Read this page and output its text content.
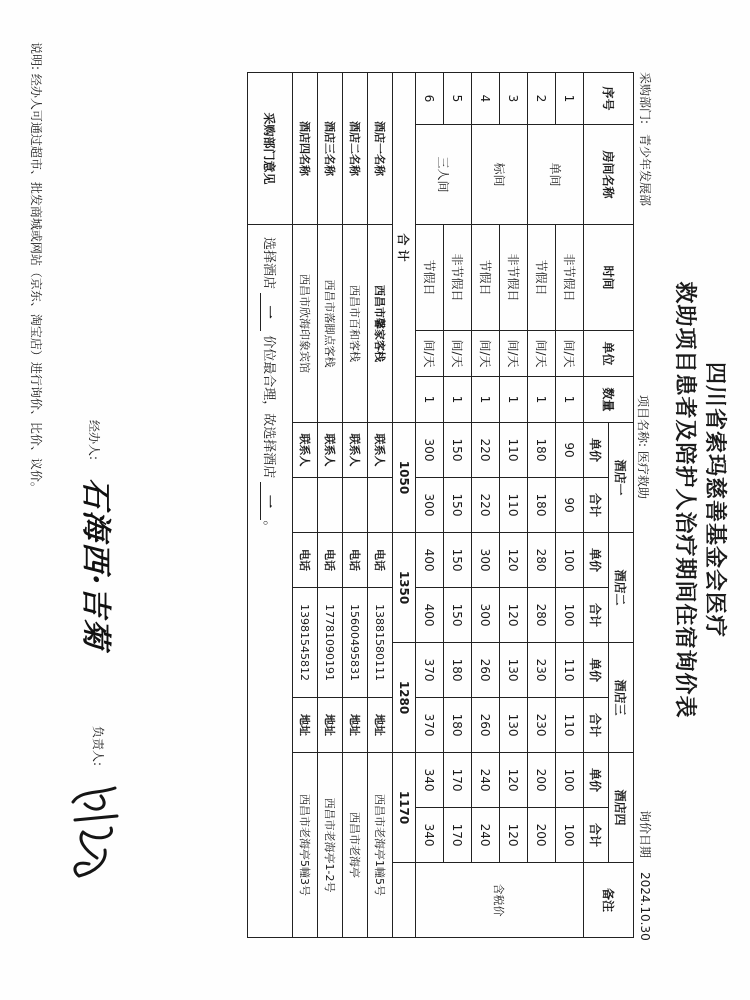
四川省索玛慈善基金会医疗
救助项目患者及陪护人治疗期间住宿询价表
采购部门:青少年发展部
项目名称: 医疗救助
询价日期2024.10.30
序号	房间名称	时间	单位	数量	酒店一		酒店二		酒店三		酒店四		备注
					单价	合计	单价	合计	单价	合计	单价	合计	
1	单间	非节假日	间/天	1	90	90	100	100	110	110	100	100	含税价
2		节假日	间/天	1	180	180	280	280	230	230	200	200	
3	标间	非节假日	间/天	1	110	110	120	120	130	130	120	120	
4		节假日	间/天	1	220	220	300	300	260	260	240	240	
5	三人间	非节假日	间/天	1	150	150	150	150	180	180	170	170	
6		节假日	间/天	1	300	300	400	400	370	370	340	340	
合 计					1050		1350		1280		1170		
酒店一名称		西昌市馨家客栈			联系人		电话	13881580111		地址	西昌市老海亭1幢5号		
酒店二名称		西昌市百和客栈			联系人		电话	15600495831		地址	西昌市老海亭		
酒店三名称		西昌市落脚点客栈			联系人		电话	17781090191		地址	西昌市老海亭1-2号		
酒店四名称		西昌市欣海印象宾馆			联系人		电话	13981545812		地址	西昌市老海亭5幢3号		
采购部门意见		选择酒店 一 价位最合理，故选择酒店 一。											
经办人:
石海西·吉菊
负责人:
说明: 经办人可通过超市、批发商城或网站（京东、淘宝店）进行询价、比价、议价。
